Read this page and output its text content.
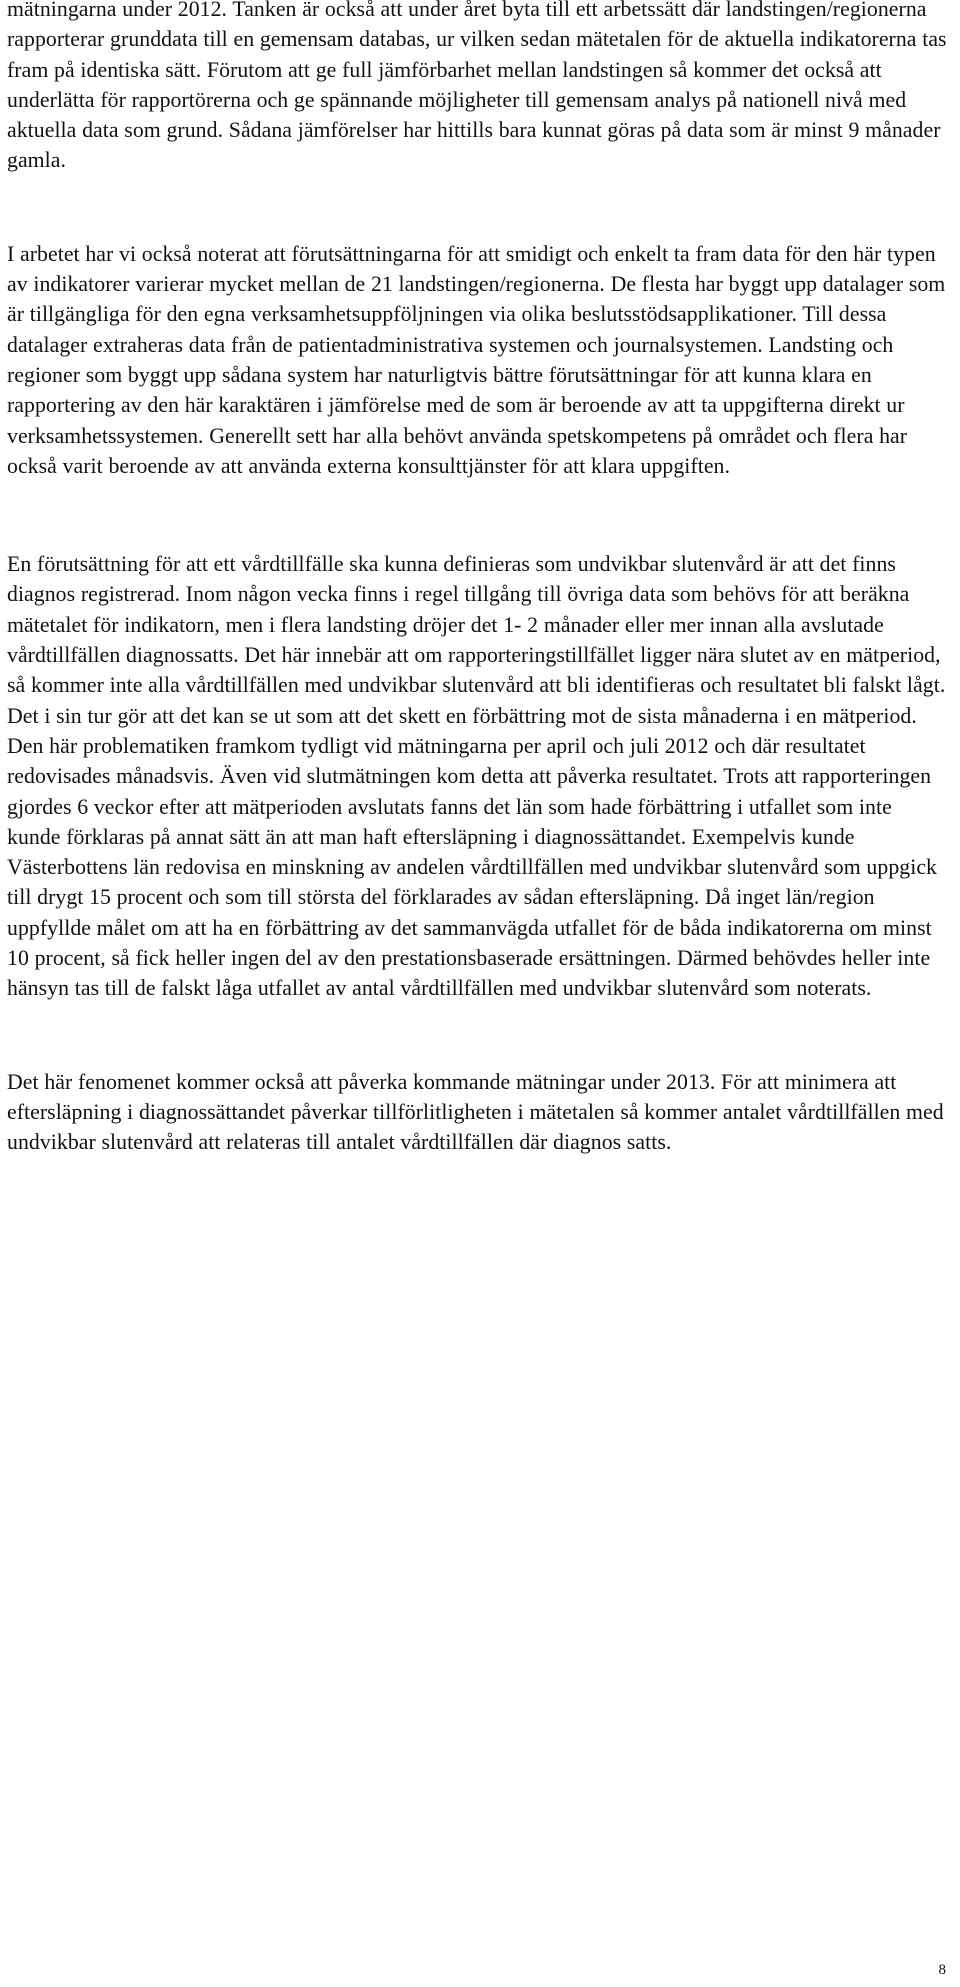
mätningarna under 2012. Tanken är också att under året byta till ett arbetssätt där landstingen/regionerna rapporterar grunddata till en gemensam databas, ur vilken sedan mätetalen för de aktuella indikatorerna tas fram på identiska sätt. Förutom att ge full jämförbarhet mellan landstingen så kommer det också att underlätta för rapportörerna och ge spännande möjligheter till gemensam analys på nationell nivå med aktuella data som grund. Sådana jämförelser har hittills bara kunnat göras på data som är minst 9 månader gamla.

I arbetet har vi också noterat att förutsättningarna för att smidigt och enkelt ta fram data för den här typen av indikatorer varierar mycket mellan de 21 landstingen/regionerna. De flesta har byggt upp datalager som är tillgängliga för den egna verksamhetsuppföljningen via olika beslutsstödsapplikationer. Till dessa datalager extraheras data från de patientadministrativa systemen och journalsystemen. Landsting och regioner som byggt upp sådana system har naturligtvis bättre förutsättningar för att kunna klara en rapportering av den här karaktären i jämförelse med de som är beroende av att ta uppgifterna direkt ur verksamhetssystemen. Generellt sett har alla behövt använda spetskompetens på området och flera har också varit beroende av att använda externa konsulttjänster för att klara uppgiften.

En förutsättning för att ett vårdtillfälle ska kunna definieras som undvikbar slutenvård är att det finns diagnos registrerad. Inom någon vecka finns i regel tillgång till övriga data som behövs för att beräkna mätetalet för indikatorn, men i flera landsting dröjer det 1- 2 månader eller mer innan alla avslutade vårdtillfällen diagnossatts. Det här innebär att om rapporteringstillfället ligger nära slutet av en mätperiod, så kommer inte alla vårdtillfällen med undvikbar slutenvård att bli identifieras och resultatet bli falskt lågt. Det i sin tur gör att det kan se ut som att det skett en förbättring mot de sista månaderna i en mätperiod. Den här problematiken framkom tydligt vid mätningarna per april och juli 2012 och där resultatet redovisades månadsvis. Även vid slutmätningen kom detta att påverka resultatet. Trots att rapporteringen gjordes 6 veckor efter att mätperioden avslutats fanns det län som hade förbättring i utfallet som inte kunde förklaras på annat sätt än att man haft eftersläpning i diagnossättandet. Exempelvis kunde Västerbottens län redovisa en minskning av andelen vårdtillfällen med undvikbar slutenvård som uppgick till drygt 15 procent och som till största del förklarades av sådan eftersläpning. Då inget län/region uppfyllde målet om att ha en förbättring av det sammanvägda utfallet för de båda indikatorerna om minst 10 procent, så fick heller ingen del av den prestationsbaserade ersättningen. Därmed behövdes heller inte hänsyn tas till de falskt låga utfallet av antal vårdtillfällen med undvikbar slutenvård som noterats.

Det här fenomenet kommer också att påverka kommande mätningar under 2013. För att minimera att eftersläpning i diagnossättandet påverkar tillförlitligheten i mätetalen så kommer antalet vårdtillfällen med undvikbar slutenvård att relateras till antalet vårdtillfällen där diagnos satts.

8
